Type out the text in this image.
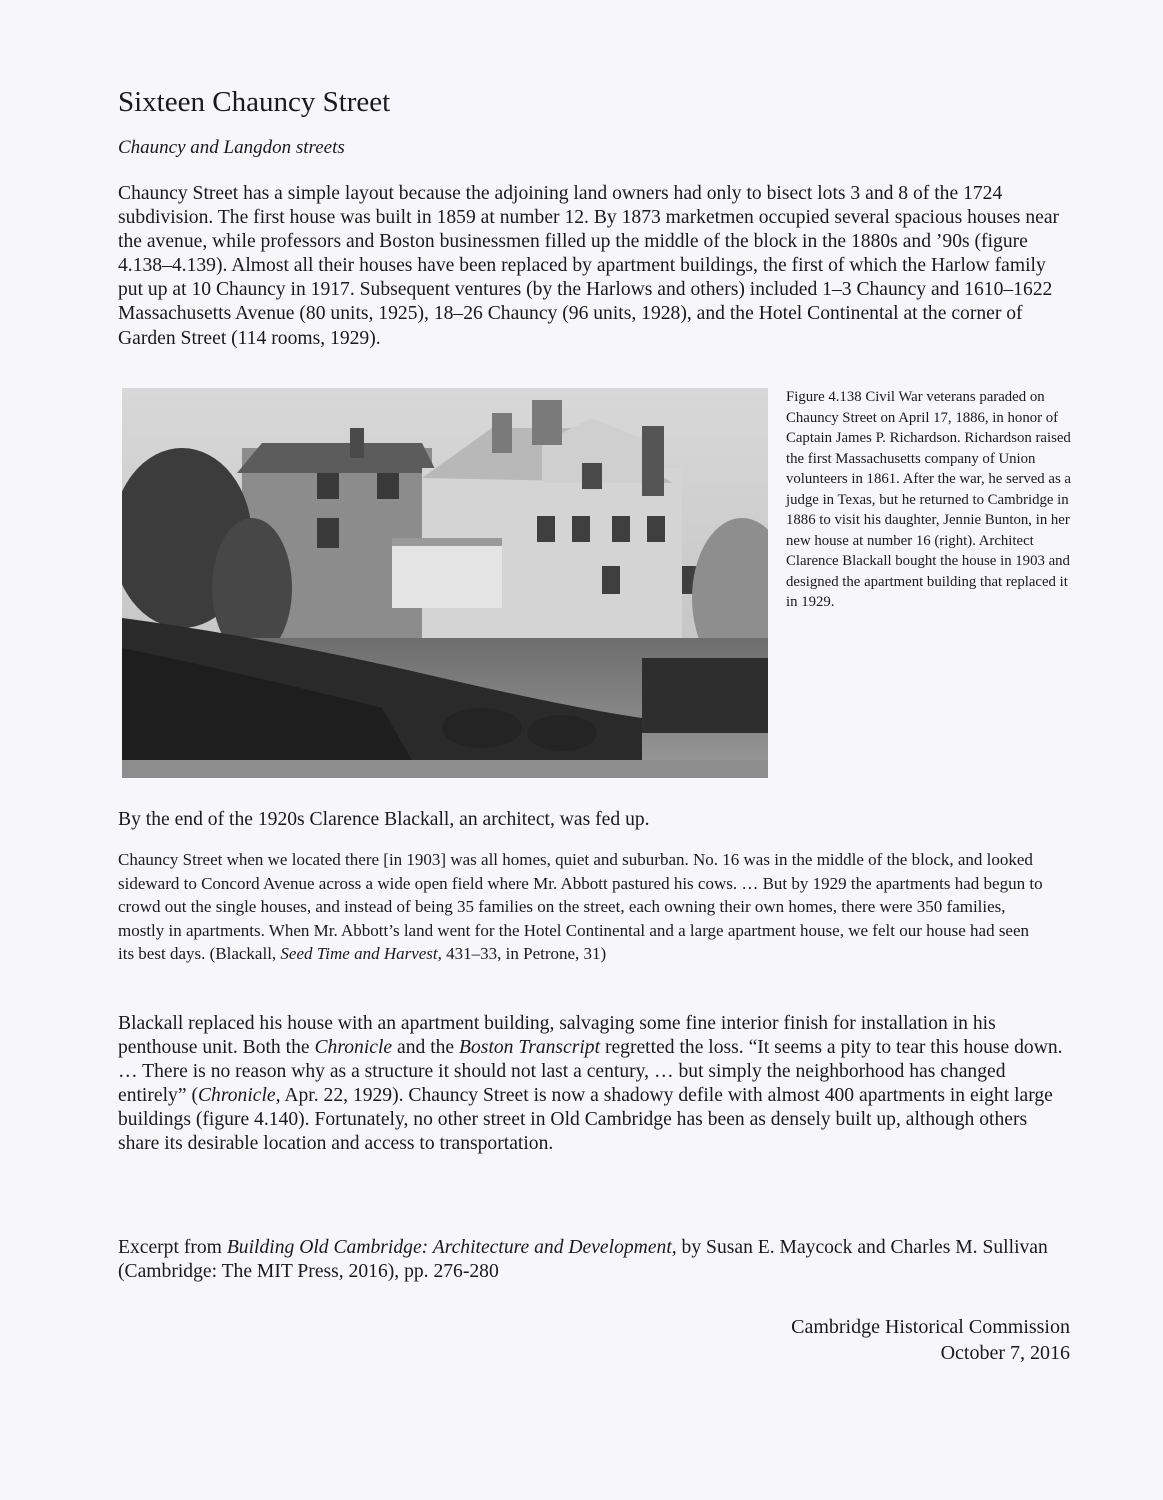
Sixteen Chauncy Street

Chauncy and Langdon streets

Chauncy Street has a simple layout because the adjoining land owners had only to bisect lots 3 and 8 of the 1724 subdivision. The first house was built in 1859 at number 12. By 1873 marketmen occupied several spacious houses near the avenue, while professors and Boston businessmen filled up the middle of the block in the 1880s and ’90s (figure 4.138–4.139). Almost all their houses have been replaced by apartment buildings, the first of which the Harlow family put up at 10 Chauncy in 1917. Subsequent ventures (by the Harlows and others) included 1–3 Chauncy and 1610–1622 Massachusetts Avenue (80 units, 1925), 18–26 Chauncy (96 units, 1928), and the Hotel Continental at the corner of Garden Street (114 rooms, 1929).

Figure 4.138 Civil War veterans paraded on Chauncy Street on April 17, 1886, in honor of Captain James P. Richardson. Richardson raised the first Massachusetts company of Union volunteers in 1861. After the war, he served as a judge in Texas, but he returned to Cambridge in 1886 to visit his daughter, Jennie Bunton, in her new house at number 16 (right). Architect Clarence Blackall bought the house in 1903 and designed the apartment building that replaced it in 1929.

By the end of the 1920s Clarence Blackall, an architect, was fed up.

Chauncy Street when we located there [in 1903] was all homes, quiet and suburban. No. 16 was in the middle of the block, and looked sideward to Concord Avenue across a wide open field where Mr. Abbott pastured his cows. … But by 1929 the apartments had begun to crowd out the single houses, and instead of being 35 families on the street, each owning their own homes, there were 350 families, mostly in apartments. When Mr. Abbott’s land went for the Hotel Continental and a large apartment house, we felt our house had seen its best days. (Blackall, Seed Time and Harvest, 431–33, in Petrone, 31)

Blackall replaced his house with an apartment building, salvaging some fine interior finish for installation in his penthouse unit. Both the Chronicle and the Boston Transcript regretted the loss. “It seems a pity to tear this house down. … There is no reason why as a structure it should not last a century, … but simply the neighborhood has changed entirely” (Chronicle, Apr. 22, 1929). Chauncy Street is now a shadowy defile with almost 400 apartments in eight large buildings (figure 4.140). Fortunately, no other street in Old Cambridge has been as densely built up, although others share its desirable location and access to transportation.

Excerpt from Building Old Cambridge: Architecture and Development, by Susan E. Maycock and Charles M. Sullivan (Cambridge: The MIT Press, 2016), pp. 276-280

Cambridge Historical Commission
October 7, 2016
